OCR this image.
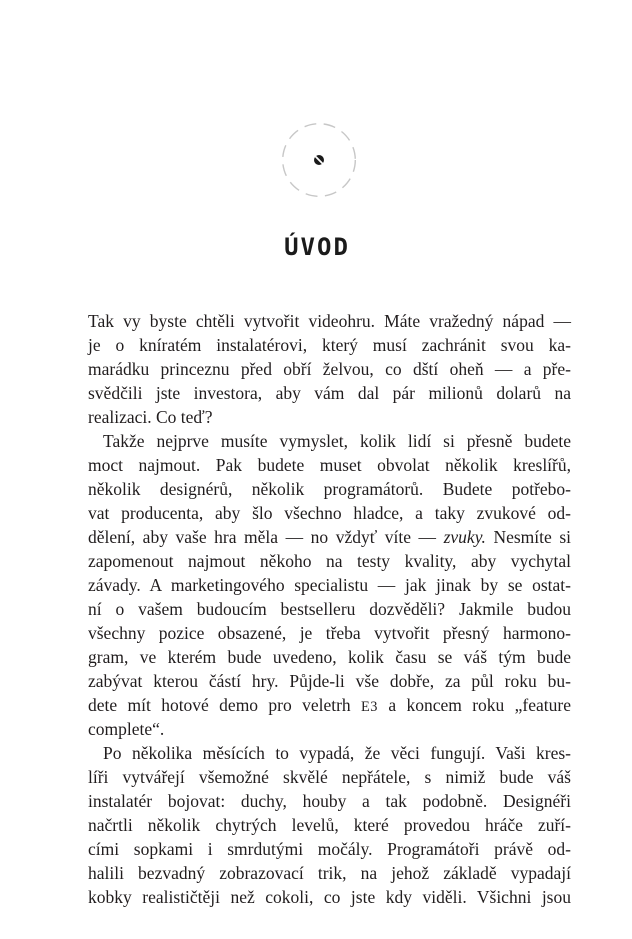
ÚVOD
Tak vy byste chtěli vytvořit videohru. Máte vražedný nápad —
je o kníratém instalatérovi, který musí zachránit svou ka-
marádku princeznu před obří želvou, co dští oheň — a pře-
svědčili jste investora, aby vám dal pár milionů dolarů na
realizaci. Co teď?
Takže nejprve musíte vymyslet, kolik lidí si přesně budete
moct najmout. Pak budete muset obvolat několik kreslířů,
několik designérů, několik programátorů. Budete potřebo-
vat producenta, aby šlo všechno hladce, a taky zvukové od-
dělení, aby vaše hra měla — no vždyť víte — zvuky. Nesmíte si
zapomenout najmout někoho na testy kvality, aby vychytal
závady. A marketingového specialistu — jak jinak by se ostat-
ní o vašem budoucím bestselleru dozvěděli? Jakmile budou
všechny pozice obsazené, je třeba vytvořit přesný harmono-
gram, ve kterém bude uvedeno, kolik času se váš tým bude
zabývat kterou částí hry. Půjde-li vše dobře, za půl roku bu-
dete mít hotové demo pro veletrh E3 a koncem roku „feature
complete“.
Po několika měsících to vypadá, že věci fungují. Vaši kres-
líři vytvářejí všemožné skvělé nepřátele, s nimiž bude váš
instalatér bojovat: duchy, houby a tak podobně. Designéři
načrtli několik chytrých levelů, které provedou hráče zuří-
cími sopkami i smrdutými močály. Programátoři právě od-
halili bezvadný zobrazovací trik, na jehož základě vypadají
kobky realističtěji než cokoli, co jste kdy viděli. Všichni jsou
